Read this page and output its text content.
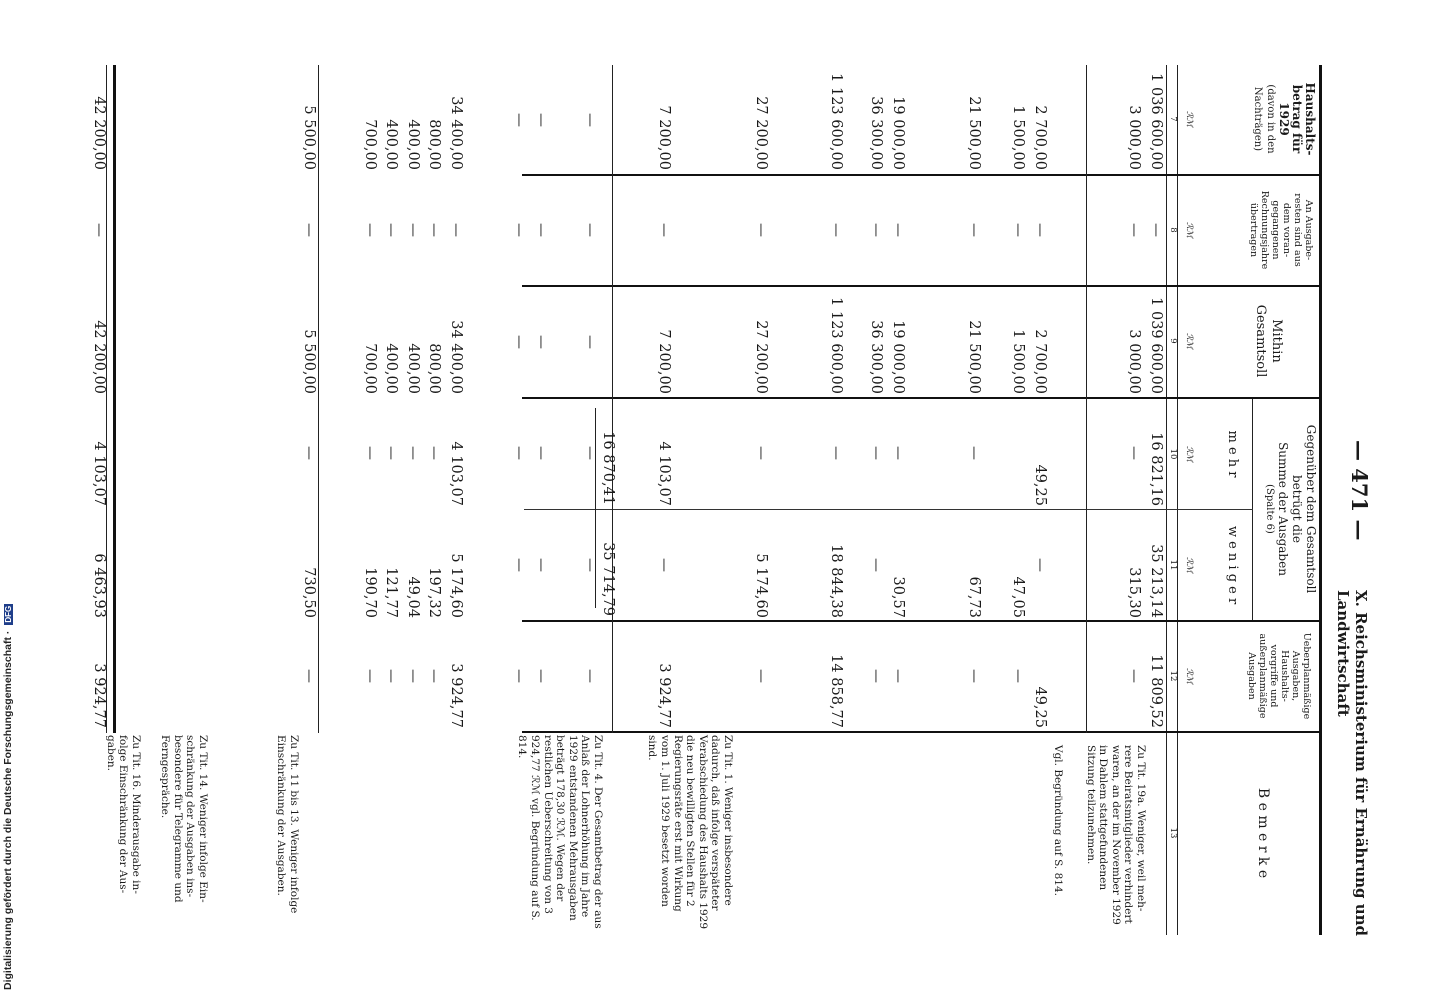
Digitalisierung gefördert durch die Deutsche Forschungsgemeinschaft · DFG
— 471 —
X. Reichsministerium für Ernährung und
Landwirtschaft
Haushalts-
betrag für
1929
(davon in den
Nachträgen)
An Ausgabe-
resten sind aus
dem voran-
gegangenen
Rechnungsjahre
übertragen
Mithin
Gesamtsoll
Gegenüber dem Gesamtsoll
betrügt die
Summe der Ausgaben
(Spalte 6)
m e h r
w e n i g e r
Ueberplanmäßige
Ausgaben,
Haushalts-
vorgriffe und
außerplanmäßige
Ausgaben
B e m e r k e
ℛℳ
ℛℳ
ℛℳ
ℛℳ
ℛℳ
ℛℳ
7
8
9
10
11
12
13
1 036 600,00
3 000,00
—
—
1 039 600,00
3 000,00
16 821,16
—
35 213,14
315,30
11 809,52
—
2 700,00
1 500,00
—
—
2 700,00
1 500,00
49,25
—
47,05
49,25
—
21 500,00
—
21 500,00
—
67,73
—
19 000,00
36 300,00
—
—
19 000,00
36 300,00
—
—
30,57
—
—
—
1 123 600,00
—
1 123 600,00
—
18 844,38
14 858,77
27 200,00
—
27 200,00
—
5 174,60
—
7 200,00
—
7 200,00
4 103,07
—
3 924,77
—
—
—
—
—
—
—
—
—
—
—
—
—
—
—
—
—
—
34 400,00
800,00
400,00
400,00
700,00
—
—
—
—
—
34 400,00
800,00
400,00
400,00
700,00
4 103,07
—
—
—
—
5 174,60
197,32
49,04
121,77
190,70
3 924,77
—
—
—
—
5 500,00
—
5 500,00
—
730,50
—
42 200,00
—
42 200,00
4 103,07
6 463,93
3 924,77
16 870,41
35 714,79
Zu Tit. 19a. Weniger, weil mehrere Beiratsmitglieder verhindert waren, an der im November 1929 in Dahlem stattgefundenen Sitzung teilzunehmen.
Vgl. Begründung auf S. 814.
Zu Tit. 1. Weniger insbesondere dadurch, daß infolge verspäteter Verabschiedung des Haushalts 1929 die neu bewilligten Stellen für 2 Regierungsräte erst mit Wirkung vom 1. Juli 1929 besetzt worden sind.
Zu Tit. 4. Der Gesamtbetrag der aus Anlaß der Lohnerhöhung im Jahre 1929 entstandenen Mehrausgaben beträgt 178,30 ℛℳ. Wegen der restlichen Ueberschreitung von 3 924,77 ℛℳ vgl. Begründung auf S. 814.
Zu Tit. 11 bis 13. Weniger infolge Einschränkung der Ausgaben.
Zu Tit. 14. Weniger infolge Einschränkung der Ausgaben insbesondere für Telegramme und Ferngespräche.
Zu Tit. 16. Minderausgabe infolge Einschränkung der Ausgaben.
